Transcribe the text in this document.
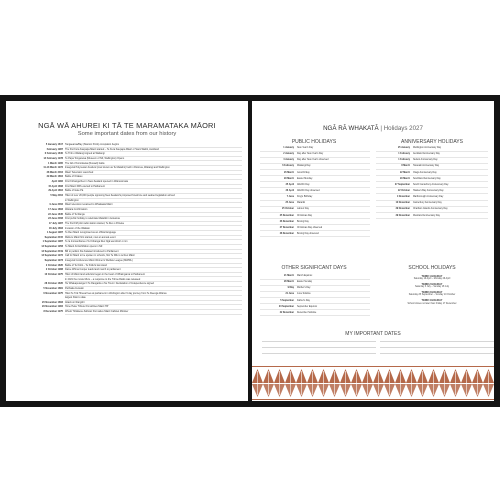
NGĀ WĀ AHUREI KI TĀ TE MARAMATAKA MĀORI
Some important dates from our history
5 January 1817 Tangaearoa/Bay (Stanton Point) occupation begins
February 1987 The first Kura Kaupapa Māori started – Te Kura Kaupapa Māori o Hoani Waititi, Auckland
6 February 1840 Te Tiriti o Waitangi signed at Waitangi
14 February 1978 Te Papa Tongarewa (Museum of NZ, Wellington) Opens
1 March 1965 The fall of Kororāreka (Russell) battle
11-13 March 1972 Inaugural Polynesian Festival (now known as Te Matatini) held in Rotorua, Waitangi and Wellington
28 March 2004 Māori Television Launched
29 March 1864 Battle of Ōrākau
April 1982 First Kōhanga Reo in New Zealand opened in Wainuiomata
15 April 1868 First Māori MPs elected to Parliament
29 April 1864 Battle of Gate Pā
5 May 2004 Hīkoi of over 20,000 people opposing New Zealand's proposed foreshore and seabed legislation arrived
in Wellington
9 June 2002 Māori television renamed to Whakaata Māori
17 June 1863 Waitara Confirmation
22 June 1845 Battle of Te Ranga
23 June 2008 First public holiday to celebrate Matariki in Aotearoa
17 July 1987 The first FM pilot radio station started, Te Reo o Pōneke
18 July 1863 Invasion of the Waikato
1 August 1987 Te Reo Māori recognised as an official language
September 2015 Mahuru Māori first started, now an annual event
1 September 1987 Te Ia Inomanihana o Te Kōhanga Reo Ngā wai tōmiri o mm
14 September 1958 Te Māori Art Exhibition opens in NZ
14 September 2019 Bill to petition Kia Kaiwaa Introduced to Parliament
14 September 1972 Call for Māori to be spoken in schools, first Te Wiki o te Reo Māori
September 1973 Inaugural Conference Māori Women's Welfare League (MWWL)
2 October 1835 Battle of Te Kōtiti – Te Kiniki's last stand
2 October 1988 Dame Whina Cooper leads land march to parliament
10 October 1975 Hikoi of Māori land activists began in the heart of Whaingaroa to Parliament
In 2021 the movie Muru – a response to the Tūhoe Raids was released
28 October 1835 He Whakaputanga O Te Rangatira o Nu Tireni / Declaration of Independence signed
5 November 1881 Parihaka Invasion
6 November 1975 Hikoi Te Tōk Hina arrives at parliament in Wellington after 9 day journey from Te Reenga Wairua
largest hikoi to date
20 November 1863 Attack on Rangiriri
29 November 1984 Hone Heke Tribute first airlines Māori HP
8 December 1975 Whetū Tirikātene-Sullivan first native Māori Cabinet Minister
NGĀ RĀ WHAKATĀ | Holidays 2027
PUBLIC HOLIDAYS
1 January	New Year's Day
2 January	Day after New Year's Day
4 January	Day after New Year's observed
6 February	Waitangi Day
26 March	Good Friday
29 March	Easter Monday
25 April	ANZAC Day
26 April	ANZAC Day observed
7 June	King's Birthday
25 June	Matariki
25 October	Labour Day
25 December	Christmas Day
26 December	Boxing Day
27 December	Christmas Day observed
28 December	Boxing Day observed
ANNIVERSARY HOLIDAYS
25 January	Wellington Anniversary Day
1 February	Auckland Anniversary Day
1 February	Nelson Anniversary Day
8 March	Taranaki Anniversary Day
22 March	Otago Anniversary Day
29 March	Southland Anniversary Day
27 September	South Canterbury Anniversary Day
22 October	Hawke's Bay Anniversary Day
1 November	Marlborough Anniversary Day
12 November	Canterbury Anniversary Day
29 November	Chatham Islands Anniversary Day
29 November	Westland Anniversary Day
OTHER SIGNIFICANT DAYS
21 March	March Equinox
28 March	Easter Sunday
9 May	Mother's Day
21 June	June Solstice
5 September	Father's Day
23 September	September Equinox
22 December	December Solstice
SCHOOL HOLIDAYS
TERM 1 HOLIDAY
Saturday 10 April – Monday 26 April
TERM 2 HOLIDAY
Saturday 3 July – Sunday 18 July
TERM 3 HOLIDAY
Saturday 25 September – Sunday 10 October
TERM 4 HOLIDAY
School closes no later than Friday 17 December
MY IMPORTANT DATES
